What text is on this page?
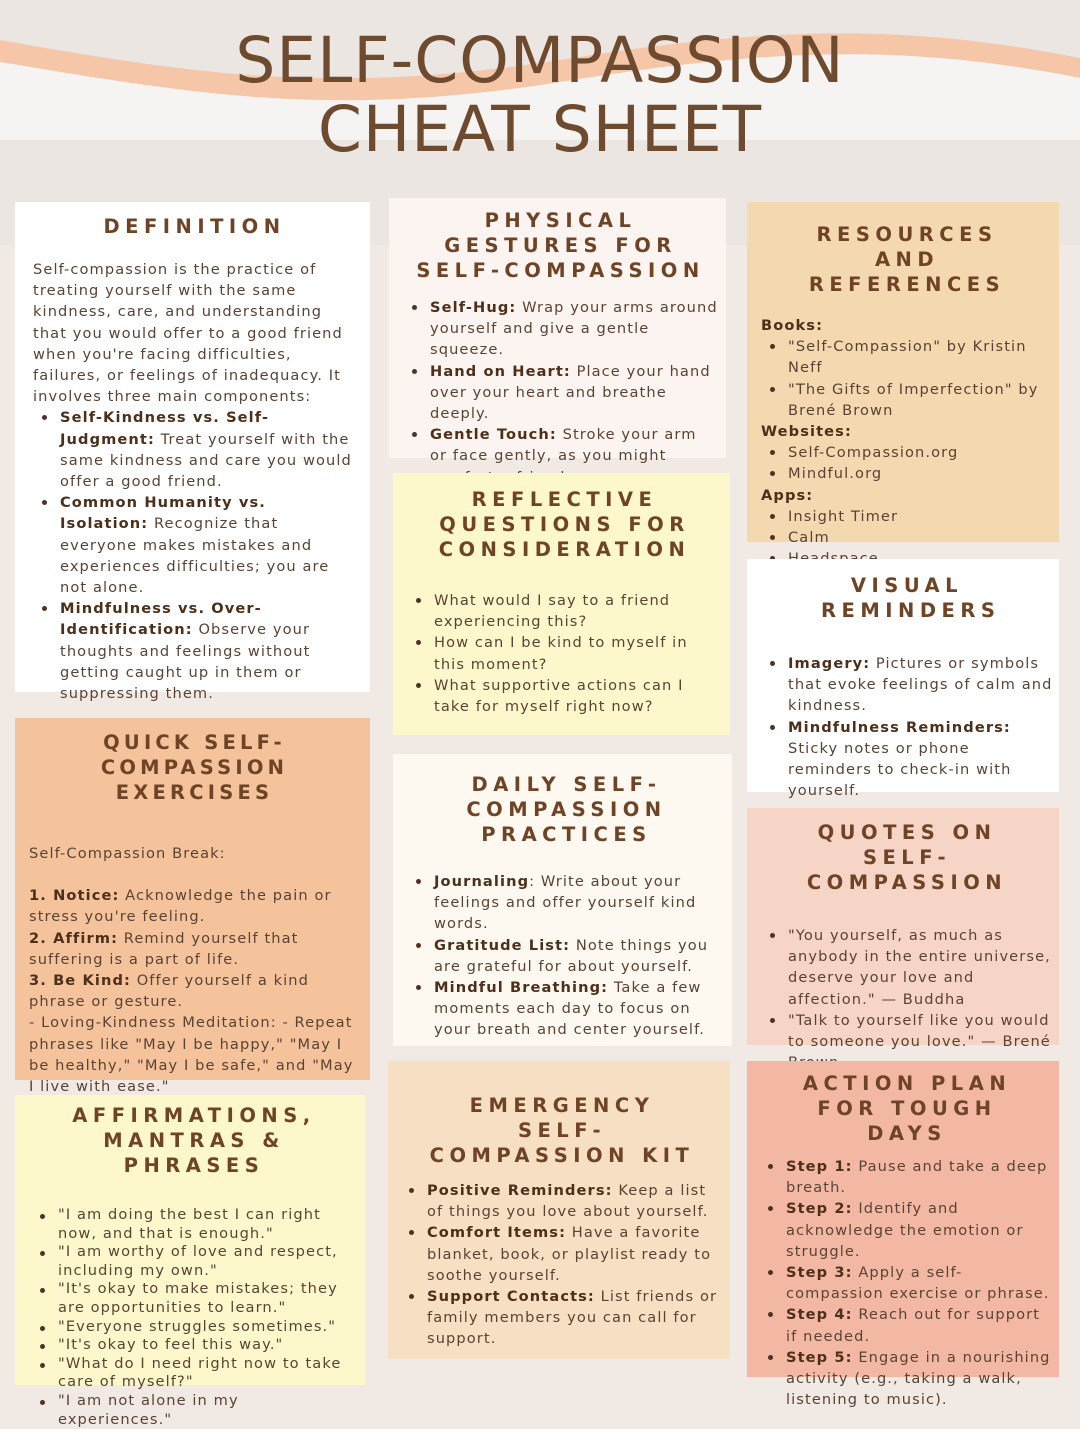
SELF-COMPASSION
CHEAT SHEET
DEFINITION

Self-compassion is the practice of treating yourself with the same kindness, care, and understanding that you would offer to a good friend when you're facing difficulties, failures, or feelings of inadequacy. It involves three main components:

Self-Kindness vs. Self-Judgment: Treat yourself with the same kindness and care you would offer a good friend.
Common Humanity vs. Isolation: Recognize that everyone makes mistakes and experiences difficulties; you are not alone.
Mindfulness vs. Over-Identification: Observe your thoughts and feelings without getting caught up in them or suppressing them.
PHYSICAL GESTURES FOR SELF-COMPASSION
Self-Hug: Wrap your arms around yourself and give a gentle squeeze.
Hand on Heart: Place your hand over your heart and breathe deeply.
Gentle Touch: Stroke your arm or face gently, as you might
RESOURCES AND REFERENCES

Books:

"Self-Compassion" by Kristin Neff
"The Gifts of Imperfection" by Brené Brown

Websites:

Self-Compassion.org
Mindful.org

Apps:

Insight Timer
Calm
REFLECTIVE QUESTIONS FOR CONSIDERATION
What would I say to a friend experiencing this?
How can I be kind to myself in this moment?
What supportive actions can I take for myself right now?
VISUAL REMINDERS
Imagery: Pictures or symbols that evoke feelings of calm and kindness.
Mindfulness Reminders: Sticky notes or phone reminders to check-in with yourself.
QUICK SELF-COMPASSION EXERCISES

Self-Compassion Break:

1. Notice: Acknowledge the pain or stress you're feeling.

2. Affirm: Remind yourself that suffering is a part of life.

3. Be Kind: Offer yourself a kind phrase or gesture.

- Loving-Kindness Meditation: - Repeat phrases like "May I be happy," "May I be healthy," "May I be safe," and "May I live with ease."

DAILY SELF-COMPASSION PRACTICES
Journaling: Write about your feelings and offer yourself kind words.
Gratitude List: Note things you are grateful for about yourself.
Mindful Breathing: Take a few moments each day to focus on your breath and center yourself.
QUOTES ON SELF-COMPASSION
"You yourself, as much as anybody in the entire universe, deserve your love and affection." — Buddha
"Talk to yourself like you would to someone you love." — Brené
EMERGENCY SELF-COMPASSION KIT
Positive Reminders: Keep a list of things you love about yourself.
Comfort Items: Have a favorite blanket, book, or playlist ready to soothe yourself.
Support Contacts: List friends or family members you can call for support.
AFFIRMATIONS, MANTRAS & PHRASES
"I am doing the best I can right now, and that is enough."
"I am worthy of love and respect, including my own."
"It's okay to make mistakes; they are opportunities to learn."
"Everyone struggles sometimes."
"It's okay to feel this way."
"What do I need right now to take care of myself?"
"I am not alone in my experiences."
ACTION PLAN FOR TOUGH DAYS
Step 1: Pause and take a deep breath.
Step 2: Identify and acknowledge the emotion or struggle.
Step 3: Apply a self-compassion exercise or phrase.
Step 4: Reach out for support if needed.
Step 5: Engage in a nourishing activity (e.g., taking a walk, listening to music).
